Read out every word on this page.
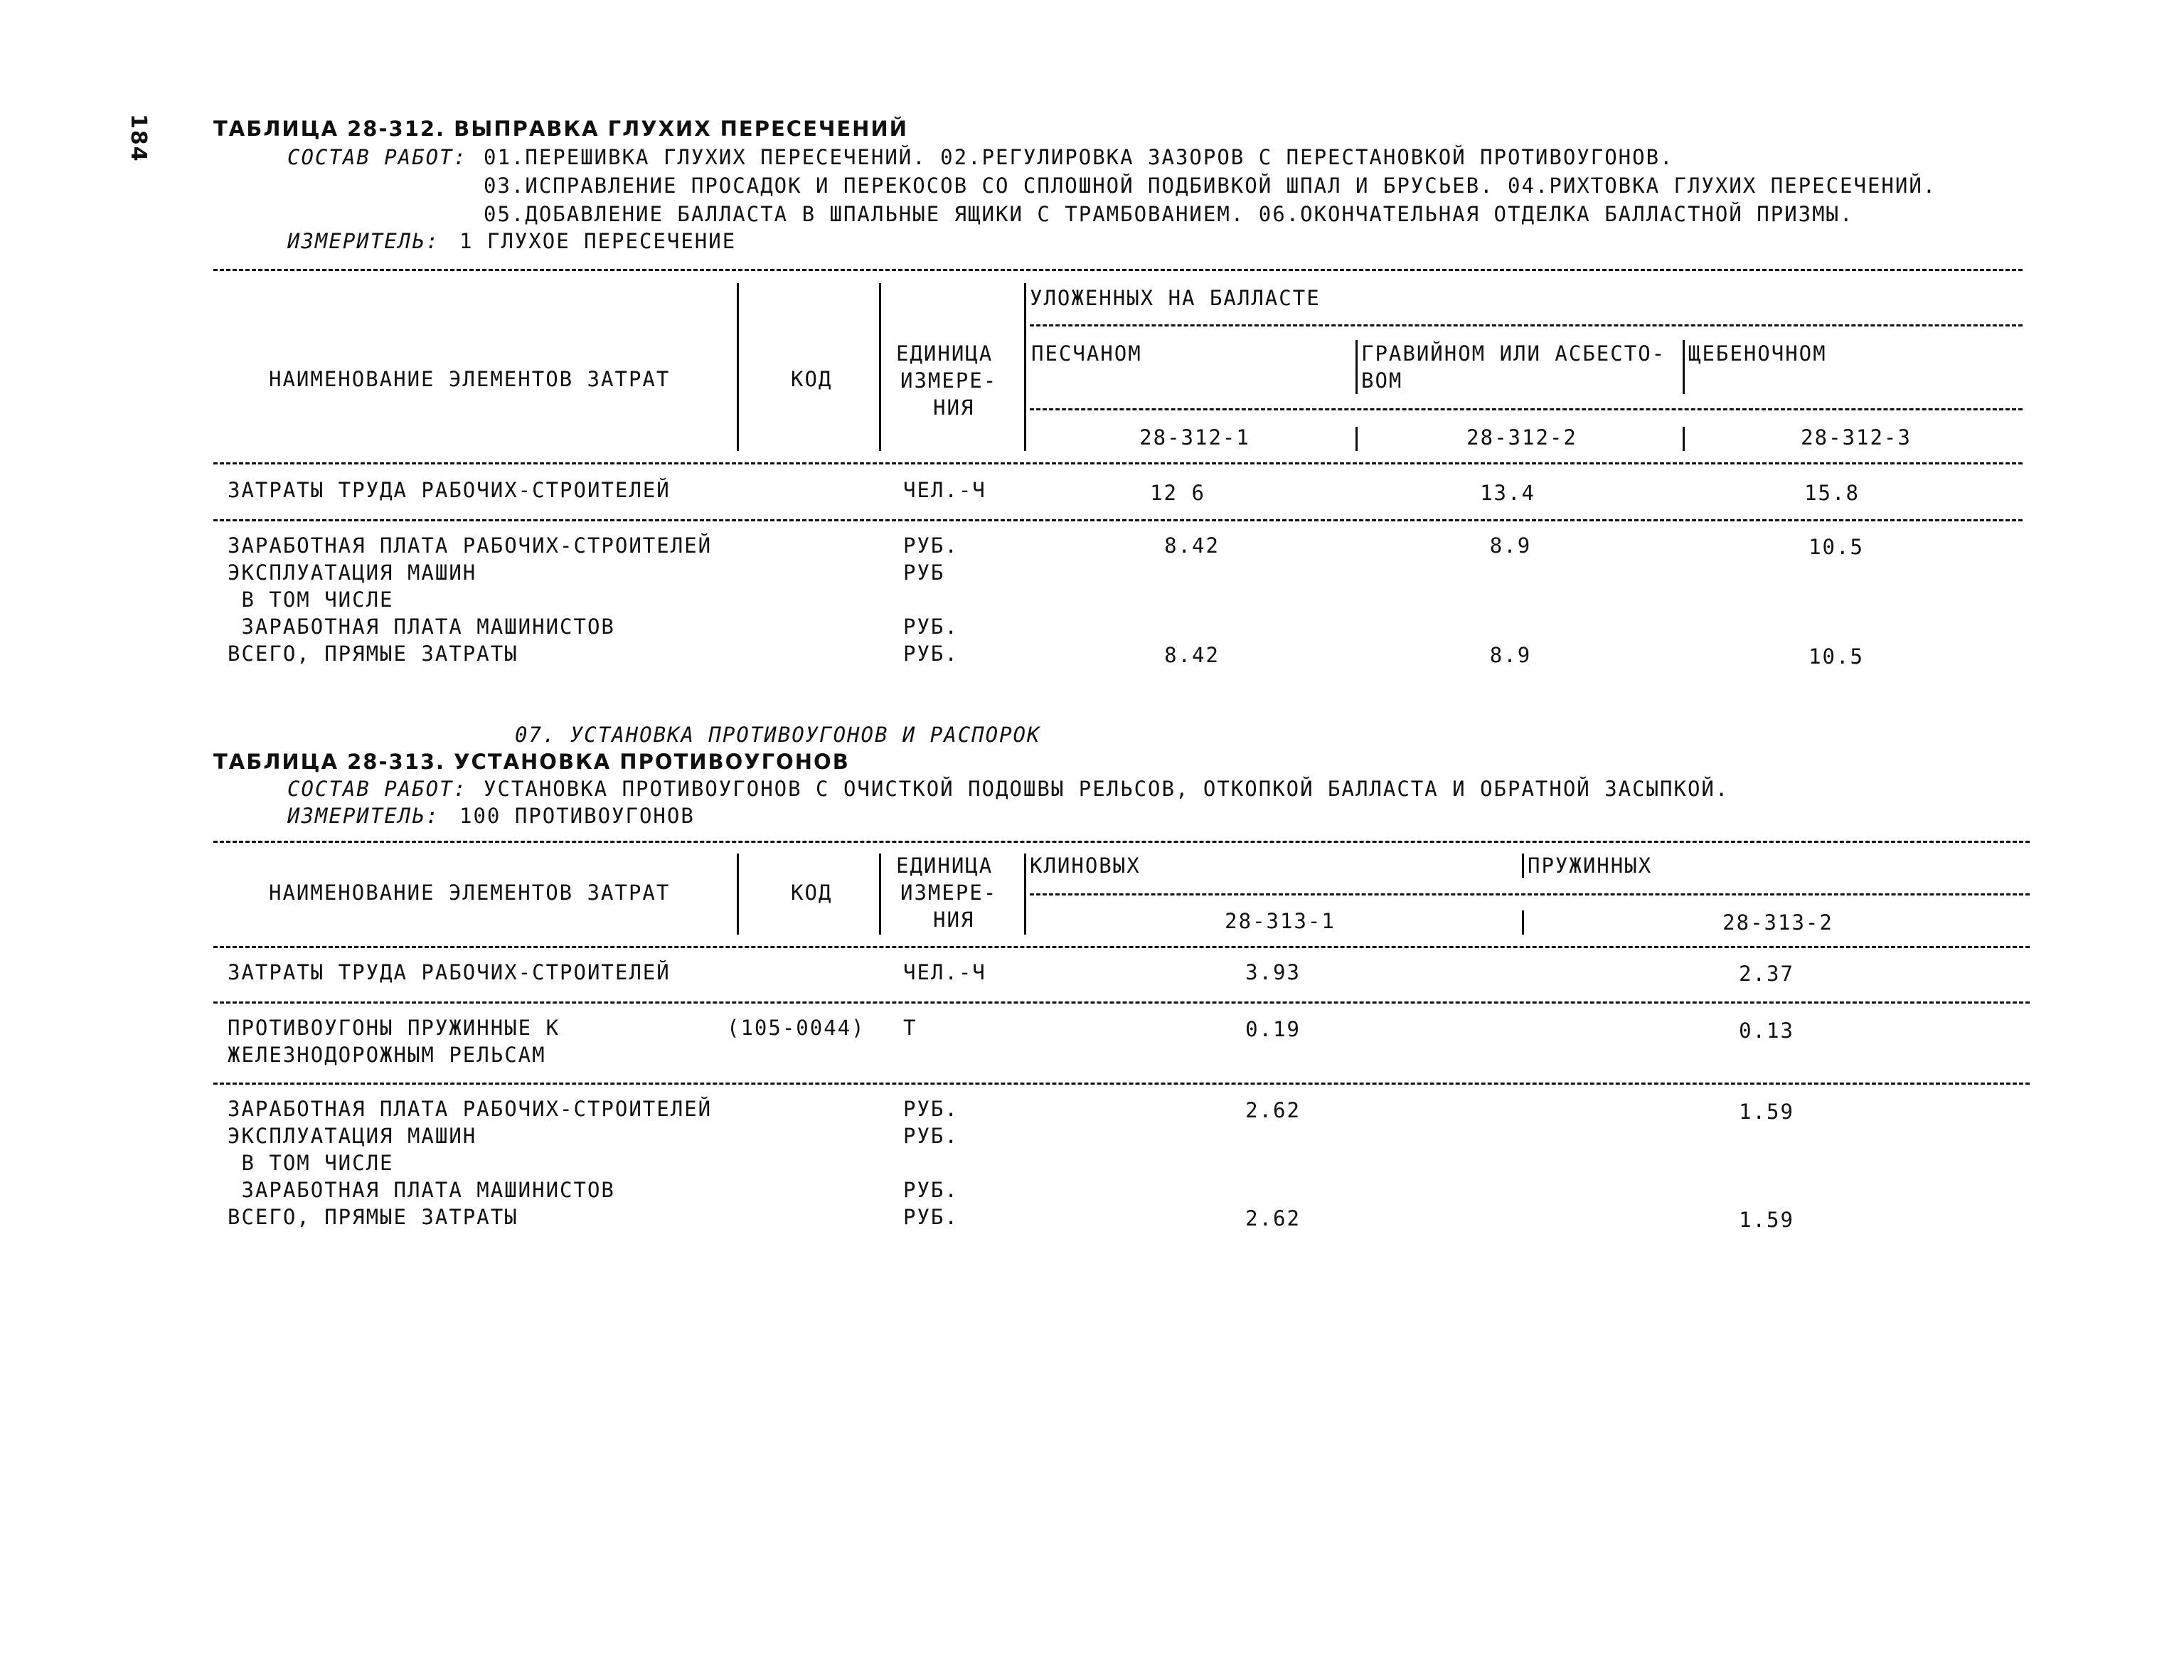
184	ТАБЛИЦА 28-312. ВЫПРАВКА ГЛУХИХ ПЕРЕСЕЧЕНИЙ
СОСТАВ РАБОТ: 01.ПЕРЕШИВКА ГЛУХИХ ПЕРЕСЕЧЕНИЙ. 02.РЕГУЛИРОВКА ЗАЗОРОВ С ПЕРЕСТАНОВКОЙ ПРОТИВОУГОНОВ.
03.ИСПРАВЛЕНИЕ ПРОСАДОК И ПЕРЕКОСОВ СО СПЛОШНОЙ ПОДБИВКОЙ ШПАЛ И БРУСЬЕВ. 04.РИХТОВКА ГЛУХИХ ПЕРЕСЕЧЕНИЙ.
05.ДОБАВЛЕНИЕ БАЛЛАСТА В ШПАЛЬНЫЕ ЯЩИКИ С ТРАМБОВАНИЕМ. 06.ОКОНЧАТЕЛЬНАЯ ОТДЕЛКА БАЛЛАСТНОЙ ПРИЗМЫ.
ИЗМЕРИТЕЛЬ: 1 ГЛУХОЕ ПЕРЕСЕЧЕНИЕ
УЛОЖЕННЫХ НА БАЛЛАСТЕ
НАИМЕНОВАНИЕ ЭЛЕМЕНТОВ ЗАТРАТ	КОД
ЕДИНИЦА
ИЗМЕРЕ-
НИЯ
ПЕСЧАНОМ	ГРАВИЙНОМ ИЛИ АСБЕСТО-
ВОМ
ЩЕБЕНОЧНОМ
28-312-1	28-312-2	28-312-3
ЗАТРАТЫ ТРУДА РАБОЧИХ-СТРОИТЕЛЕЙ	ЧЕЛ.-Ч	12 6	13.4	15.8
ЗАРАБОТНАЯ ПЛАТА РАБОЧИХ-СТРОИТЕЛЕЙ	РУБ.	8.42	8.9	10.5
ЭКСПЛУАТАЦИЯ МАШИН	РУБ
В ТОМ ЧИСЛЕ
ЗАРАБОТНАЯ ПЛАТА МАШИНИСТОВ	РУБ.
ВСЕГО, ПРЯМЫЕ ЗАТРАТЫ	РУБ.	8.42	8.9	10.5
07. УСТАНОВКА ПРОТИВОУГОНОВ И РАСПОРОК
ТАБЛИЦА 28-313. УСТАНОВКА ПРОТИВОУГОНОВ
СОСТАВ РАБОТ: УСТАНОВКА ПРОТИВОУГОНОВ С ОЧИСТКОЙ ПОДОШВЫ РЕЛЬСОВ, ОТКОПКОЙ БАЛЛАСТА И ОБРАТНОЙ ЗАСЫПКОЙ.
ИЗМЕРИТЕЛЬ: 100 ПРОТИВОУГОНОВ
ЕДИНИЦА
ИЗМЕРЕ-
НИЯ
НАИМЕНОВАНИЕ ЭЛЕМЕНТОВ ЗАТРАТ	КОД
КЛИНОВЫХ	ПРУЖИННЫХ
28-313-1	28-313-2
ЗАТРАТЫ ТРУДА РАБОЧИХ-СТРОИТЕЛЕЙ	ЧЕЛ.-Ч	3.93	2.37
ПРОТИВОУГОНЫ ПРУЖИННЫЕ К
ЖЕЛЕЗНОДОРОЖНЫМ РЕЛЬСАМ
(105-0044) Т	0.19	0.13
ЗАРАБОТНАЯ ПЛАТА РАБОЧИХ-СТРОИТЕЛЕЙ	РУБ.	2.62	1.59
ЭКСПЛУАТАЦИЯ МАШИН	РУБ.
В ТОМ ЧИСЛЕ
ЗАРАБОТНАЯ ПЛАТА МАШИНИСТОВ	РУБ.
ВСЕГО, ПРЯМЫЕ ЗАТРАТЫ	РУБ.	2.62	1.59
